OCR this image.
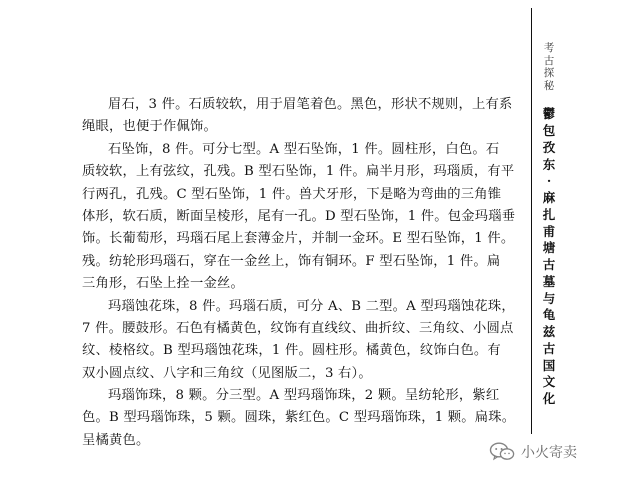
眉石，3 件。石质较软，用于眉笔着色。黑色，形状不规则，上有系
绳眼，也便于作佩饰。
石坠饰，8 件。可分七型。A 型石坠饰，1 件。圆柱形，白色。石
质较软，上有弦纹，孔残。B 型石坠饰，1 件。扁半月形，玛瑙质，有平
行两孔，孔残。C 型石坠饰，1 件。兽犬牙形，下是略为弯曲的三角锥
体形，软石质，断面呈棱形，尾有一孔。D 型石坠饰，1 件。包金玛瑙垂
饰。长葡萄形，玛瑙石尾上套薄金片，并制一金环。E 型石坠饰，1 件。
残。纺轮形玛瑙石，穿在一金丝上，饰有铜环。F 型石坠饰，1 件。扁
三角形，石坠上拴一金丝。
玛瑙蚀花珠，8 件。玛瑙石质，可分 A、B 二型。A 型玛瑙蚀花珠，
7 件。腰鼓形。石色有橘黄色，纹饰有直线纹、曲折纹、三角纹、小圆点
纹、棱格纹。B 型玛瑙蚀花珠，1 件。圆柱形。橘黄色，纹饰白色。有
双小圆点纹、八字和三角纹（见图版二，3 右）。
玛瑙饰珠，8 颗。分三型。A 型玛瑙饰珠，2 颗。呈纺轮形，紫红
色。B 型玛瑙饰珠，5 颗。圆珠，紫红色。C 型玛瑙饰珠，1 颗。扁珠。
呈橘黄色。
考
古
探
秘
鬱
包
孜
东
·
麻
扎
甫
塘
古
墓
与
龟
兹
古
国
文
化
小火寄卖
